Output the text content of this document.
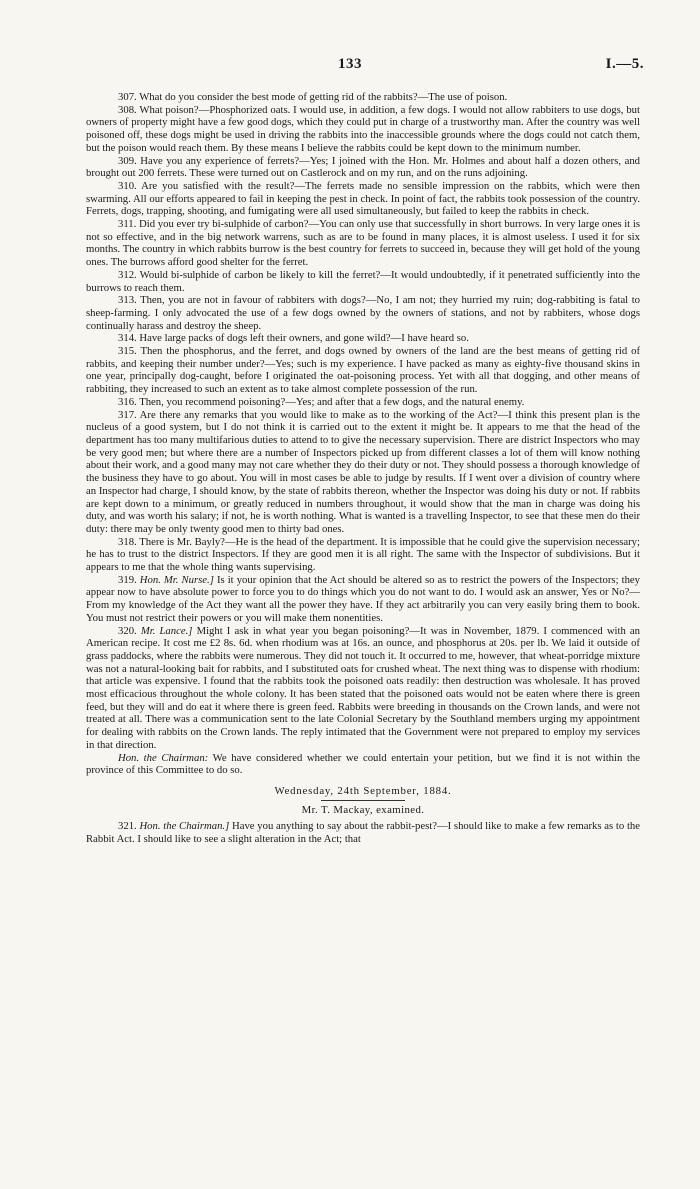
133	I.—5.

307. What do you consider the best mode of getting rid of the rabbits?—The use of poison.

308. What poison?—Phosphorized oats. I would use, in addition, a few dogs. I would not allow rabbiters to use dogs, but owners of property might have a few good dogs, which they could put in charge of a trustworthy man. After the country was well poisoned off, these dogs might be used in driving the rabbits into the inaccessible grounds where the dogs could not catch them, but the poison would reach them. By these means I believe the rabbits could be kept down to the minimum number.

309. Have you any experience of ferrets?—Yes; I joined with the Hon. Mr. Holmes and about half a dozen others, and brought out 200 ferrets. These were turned out on Castlerock and on my run, and on the runs adjoining.

310. Are you satisfied with the result?—The ferrets made no sensible impression on the rabbits, which were then swarming. All our efforts appeared to fail in keeping the pest in check. In point of fact, the rabbits took possession of the country. Ferrets, dogs, trapping, shooting, and fumigating were all used simultaneously, but failed to keep the rabbits in check.

311. Did you ever try bi-sulphide of carbon?—You can only use that successfully in short burrows. In very large ones it is not so effective, and in the big network warrens, such as are to be found in many places, it is almost useless. I used it for six months. The country in which rabbits burrow is the best country for ferrets to succeed in, because they will get hold of the young ones. The burrows afford good shelter for the ferret.

312. Would bi-sulphide of carbon be likely to kill the ferret?—It would undoubtedly, if it penetrated sufficiently into the burrows to reach them.

313. Then, you are not in favour of rabbiters with dogs?—No, I am not; they hurried my ruin; dog-rabbiting is fatal to sheep-farming. I only advocated the use of a few dogs owned by the owners of stations, and not by rabbiters, whose dogs continually harass and destroy the sheep.

314. Have large packs of dogs left their owners, and gone wild?—I have heard so.

315. Then the phosphorus, and the ferret, and dogs owned by owners of the land are the best means of getting rid of rabbits, and keeping their number under?—Yes; such is my experience. I have packed as many as eighty-five thousand skins in one year, principally dog-caught, before I originated the oat-poisoning process. Yet with all that dogging, and other means of rabbiting, they increased to such an extent as to take almost complete possession of the run.

316. Then, you recommend poisoning?—Yes; and after that a few dogs, and the natural enemy.

317. Are there any remarks that you would like to make as to the working of the Act?—I think this present plan is the nucleus of a good system, but I do not think it is carried out to the extent it might be. It appears to me that the head of the department has too many multifarious duties to attend to to give the necessary supervision. There are district Inspectors who may be very good men; but where there are a number of Inspectors picked up from different classes a lot of them will know nothing about their work, and a good many may not care whether they do their duty or not. They should possess a thorough knowledge of the business they have to go about. You will in most cases be able to judge by results. If I went over a division of country where an Inspector had charge, I should know, by the state of rabbits thereon, whether the Inspector was doing his duty or not. If rabbits are kept down to a minimum, or greatly reduced in numbers throughout, it would show that the man in charge was doing his duty, and was worth his salary; if not, he is worth nothing. What is wanted is a travelling Inspector, to see that these men do their duty: there may be only twenty good men to thirty bad ones.

318. There is Mr. Bayly?—He is the head of the department. It is impossible that he could give the supervision necessary; he has to trust to the district Inspectors. If they are good men it is all right. The same with the Inspector of subdivisions. But it appears to me that the whole thing wants supervising.

319. Hon. Mr. Nurse.] Is it your opinion that the Act should be altered so as to restrict the powers of the Inspectors; they appear now to have absolute power to force you to do things which you do not want to do. I would ask an answer, Yes or No?—From my knowledge of the Act they want all the power they have. If they act arbitrarily you can very easily bring them to book. You must not restrict their powers or you will make them nonentities.

320. Mr. Lance.] Might I ask in what year you began poisoning?—It was in November, 1879. I commenced with an American recipe. It cost me £2 8s. 6d. when rhodium was at 16s. an ounce, and phosphorus at 20s. per lb. We laid it outside of grass paddocks, where the rabbits were numerous. They did not touch it. It occurred to me, however, that wheat-porridge mixture was not a natural-looking bait for rabbits, and I substituted oats for crushed wheat. The next thing was to dispense with rhodium: that article was expensive. I found that the rabbits took the poisoned oats readily: then destruction was wholesale. It has proved most efficacious throughout the whole colony. It has been stated that the poisoned oats would not be eaten where there is green feed, but they will and do eat it where there is green feed. Rabbits were breeding in thousands on the Crown lands, and were not treated at all. There was a communication sent to the late Colonial Secretary by the Southland members urging my appointment for dealing with rabbits on the Crown lands. The reply intimated that the Government were not prepared to employ my services in that direction.

Hon. the Chairman: We have considered whether we could entertain your petition, but we find it is not within the province of this Committee to do so.

Wednesday, 24th September, 1884.
Mr. T. Mackay, examined.

321. Hon. the Chairman.] Have you anything to say about the rabbit-pest?—I should like to make a few remarks as to the Rabbit Act. I should like to see a slight alteration in the Act; that
